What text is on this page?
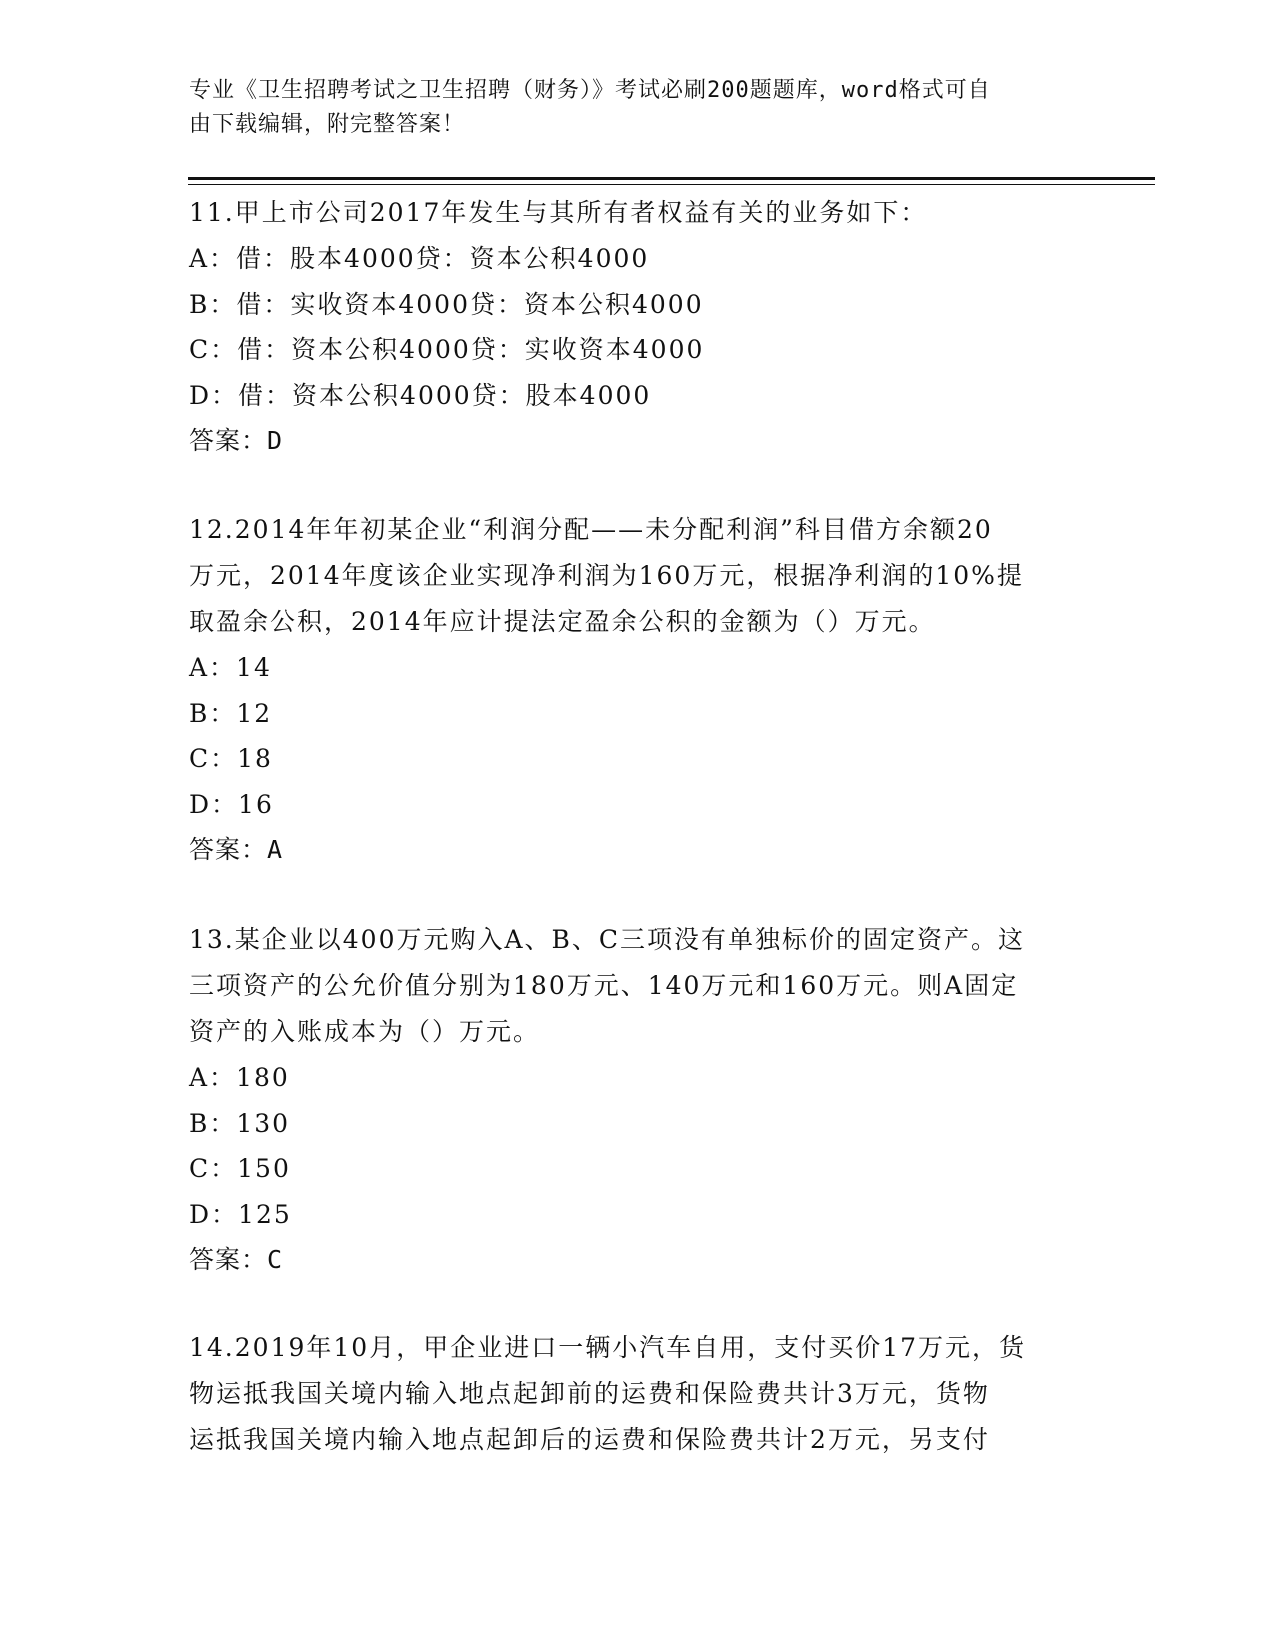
专业《卫生招聘考试之卫生招聘（财务）》考试必刷200题题库，word格式可自
由下载编辑，附完整答案！
11.甲上市公司2017年发生与其所有者权益有关的业务如下：
A：借：股本4000贷：资本公积4000
B：借：实收资本4000贷：资本公积4000
C：借：资本公积4000贷：实收资本4000
D：借：资本公积4000贷：股本4000
答案：D
12.2014年年初某企业“利润分配——未分配利润”科目借方余额20
万元，2014年度该企业实现净利润为160万元，根据净利润的10%提
取盈余公积，2014年应计提法定盈余公积的金额为（）万元。
A：14
B：12
C：18
D：16
答案：A
13.某企业以400万元购入A、B、C三项没有单独标价的固定资产。这
三项资产的公允价值分别为180万元、140万元和160万元。则A固定
资产的入账成本为（）万元。
A：180
B：130
C：150
D：125
答案：C
14.2019年10月，甲企业进口一辆小汽车自用，支付买价17万元，货
物运抵我国关境内输入地点起卸前的运费和保险费共计3万元，货物
运抵我国关境内输入地点起卸后的运费和保险费共计2万元，另支付
